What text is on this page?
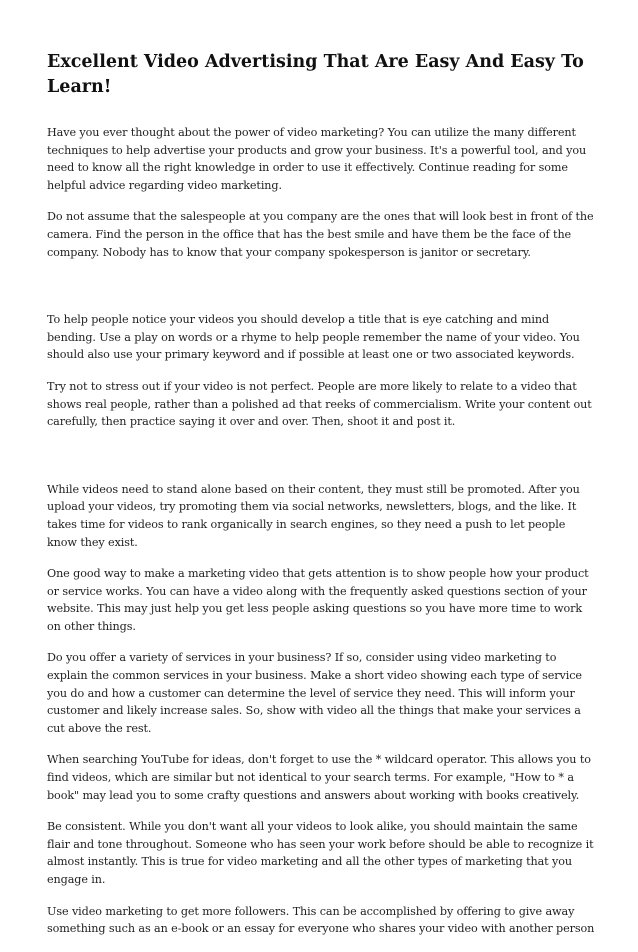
Excellent Video Advertising That Are Easy And Easy To Learn!

Have you ever thought about the power of video marketing? You can utilize the many different techniques to help advertise your products and grow your business. It's a powerful tool, and you need to know all the right knowledge in order to use it effectively. Continue reading for some helpful advice regarding video marketing.

Do not assume that the salespeople at you company are the ones that will look best in front of the camera. Find the person in the office that has the best smile and have them be the face of the company. Nobody has to know that your company spokesperson is janitor or secretary.

To help people notice your videos you should develop a title that is eye catching and mind bending. Use a play on words or a rhyme to help people remember the name of your video. You should also use your primary keyword and if possible at least one or two associated keywords.

Try not to stress out if your video is not perfect. People are more likely to relate to a video that shows real people, rather than a polished ad that reeks of commercialism. Write your content out carefully, then practice saying it over and over. Then, shoot it and post it.

While videos need to stand alone based on their content, they must still be promoted. After you upload your videos, try promoting them via social networks, newsletters, blogs, and the like. It takes time for videos to rank organically in search engines, so they need a push to let people know they exist.

One good way to make a marketing video that gets attention is to show people how your product or service works. You can have a video along with the frequently asked questions section of your website. This may just help you get less people asking questions so you have more time to work on other things.

Do you offer a variety of services in your business? If so, consider using video marketing to explain the common services in your business. Make a short video showing each type of service you do and how a customer can determine the level of service they need. This will inform your customer and likely increase sales. So, show with video all the things that make your services a cut above the rest.

When searching YouTube for ideas, don't forget to use the * wildcard operator. This allows you to find videos, which are similar but not identical to your search terms. For example, "How to * a book" may lead you to some crafty questions and answers about working with books creatively.

Be consistent. While you don't want all your videos to look alike, you should maintain the same flair and tone throughout. Someone who has seen your work before should be able to recognize it almost instantly. This is true for video marketing and all the other types of marketing that you engage in.

Use video marketing to get more followers. This can be accomplished by offering to give away something such as an e-book or an essay for everyone who shares your video with another person
